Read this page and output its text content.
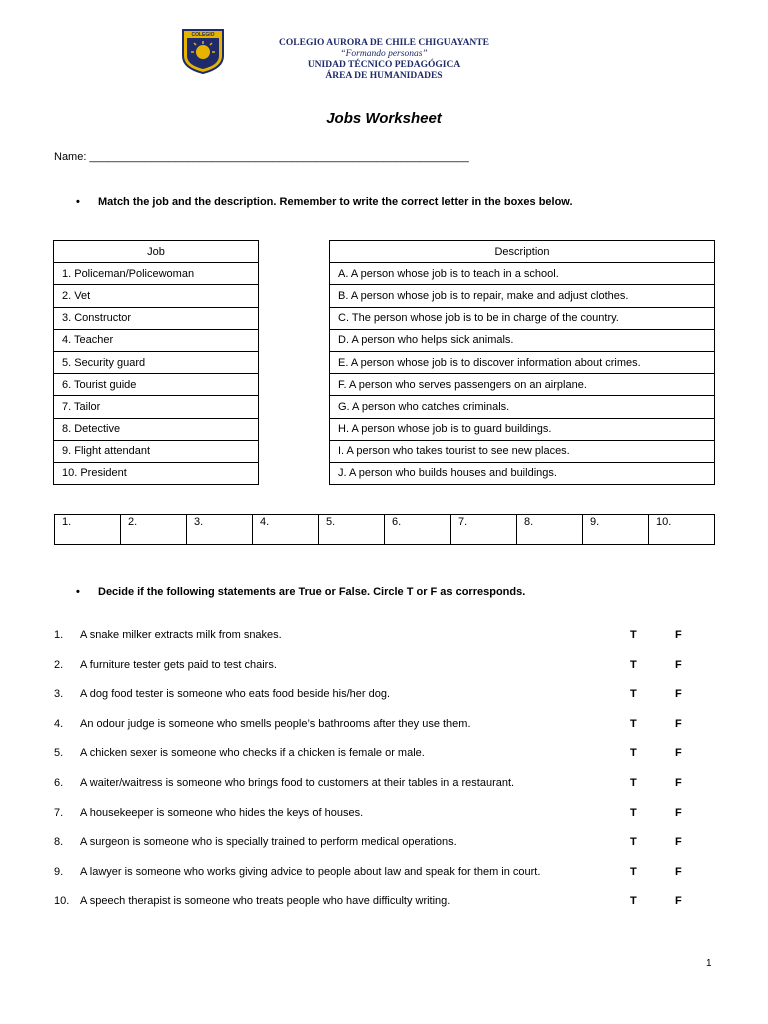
COLEGIO
COLEGIO AURORA DE CHILE CHIGUAYANTE
“Formando personas”
UNIDAD TÉCNICO PEDAGÓGICA
ÁREA DE HUMANIDADES
Jobs Worksheet
Name: ______________________________________________________________
• Match the job and the description. Remember to write the correct letter in the boxes below.
Job
1. Policeman/Policewoman
2. Vet
3. Constructor
4. Teacher
5. Security guard
6. Tourist guide
7. Tailor
8. Detective
9. Flight attendant
10. President
Description
A. A person whose job is to teach in a school.
B. A person whose job is to repair, make and adjust clothes.
C. The person whose job is to be in charge of the country.
D. A person who helps sick animals.
E. A person whose job is to discover information about crimes.
F. A person who serves passengers on an airplane.
G. A person who catches criminals.
H. A person whose job is to guard buildings.
I. A person who takes tourist to see new places.
J. A person who builds houses and buildings.
1.	2.	3.	4.	5.	6.	7.	8.	9.	10.
• Decide if the following statements are True or False. Circle T or F as corresponds.
1. A snake milker extracts milk from snakes.	T	F
2. A furniture tester gets paid to test chairs.	T	F
3. A dog food tester is someone who eats food beside his/her dog.	T	F
4. An odour judge is someone who smells people’s bathrooms after they use them.	T	F
5. A chicken sexer is someone who checks if a chicken is female or male.	T	F
6. A waiter/waitress is someone who brings food to customers at their tables in a restaurant.	T	F
7. A housekeeper is someone who hides the keys of houses.	T	F
8. A surgeon is someone who is specially trained to perform medical operations.	T	F
9. A lawyer is someone who works giving advice to people about law and speak for them in court.	T	F
10. A speech therapist is someone who treats people who have difficulty writing.	T	F
1
